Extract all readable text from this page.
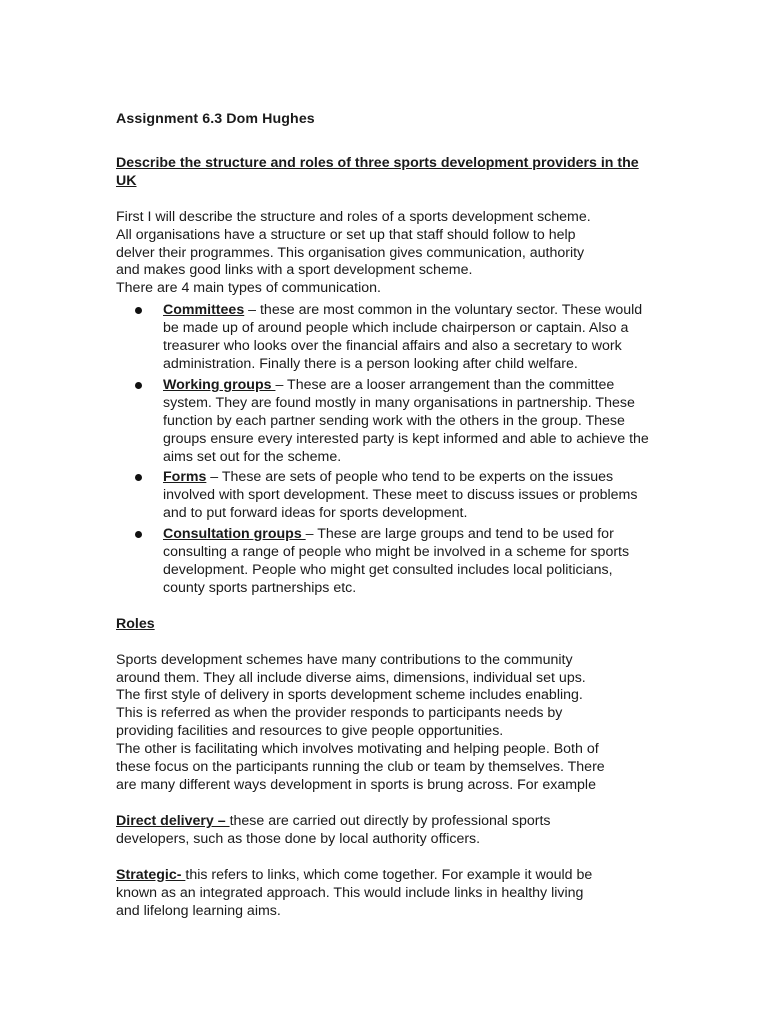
Assignment 6.3 Dom Hughes

Describe the structure and roles of three sports development providers in the UK

First I will describe the structure and roles of a sports development scheme.
All organisations have a structure or set up that staff should follow to help
delver their programmes. This organisation gives communication, authority
and makes good links with a sport development scheme.
There are 4 main types of communication.
Committees – these are most common in the voluntary sector. These would be made up of around people which include chairperson or captain. Also a treasurer who looks over the financial affairs and also a secretary to work administration. Finally there is a person looking after child welfare.
Working groups – These are a looser arrangement than the committee system. They are found mostly in many organisations in partnership. These function by each partner sending work with the others in the group. These groups ensure every interested party is kept informed and able to achieve the aims set out for the scheme.
Forms – These are sets of people who tend to be experts on the issues involved with sport development. These meet to discuss issues or problems and to put forward ideas for sports development.
Consultation groups – These are large groups and tend to be used for consulting a range of people who might be involved in a scheme for sports development. People who might get consulted includes local politicians, county sports partnerships etc.

Roles

Sports development schemes have many contributions to the community
around them. They all include diverse aims, dimensions, individual set ups.
The first style of delivery in sports development scheme includes enabling.
This is referred as when the provider responds to participants needs by
providing facilities and resources to give people opportunities.
The other is facilitating which involves motivating and helping people. Both of
these focus on the participants running the club or team by themselves. There
are many different ways development in sports is brung across. For example
Direct delivery – these are carried out directly by professional sports
developers, such as those done by local authority officers.
Strategic- this refers to links, which come together. For example it would be
known as an integrated approach. This would include links in healthy living
and lifelong learning aims.
